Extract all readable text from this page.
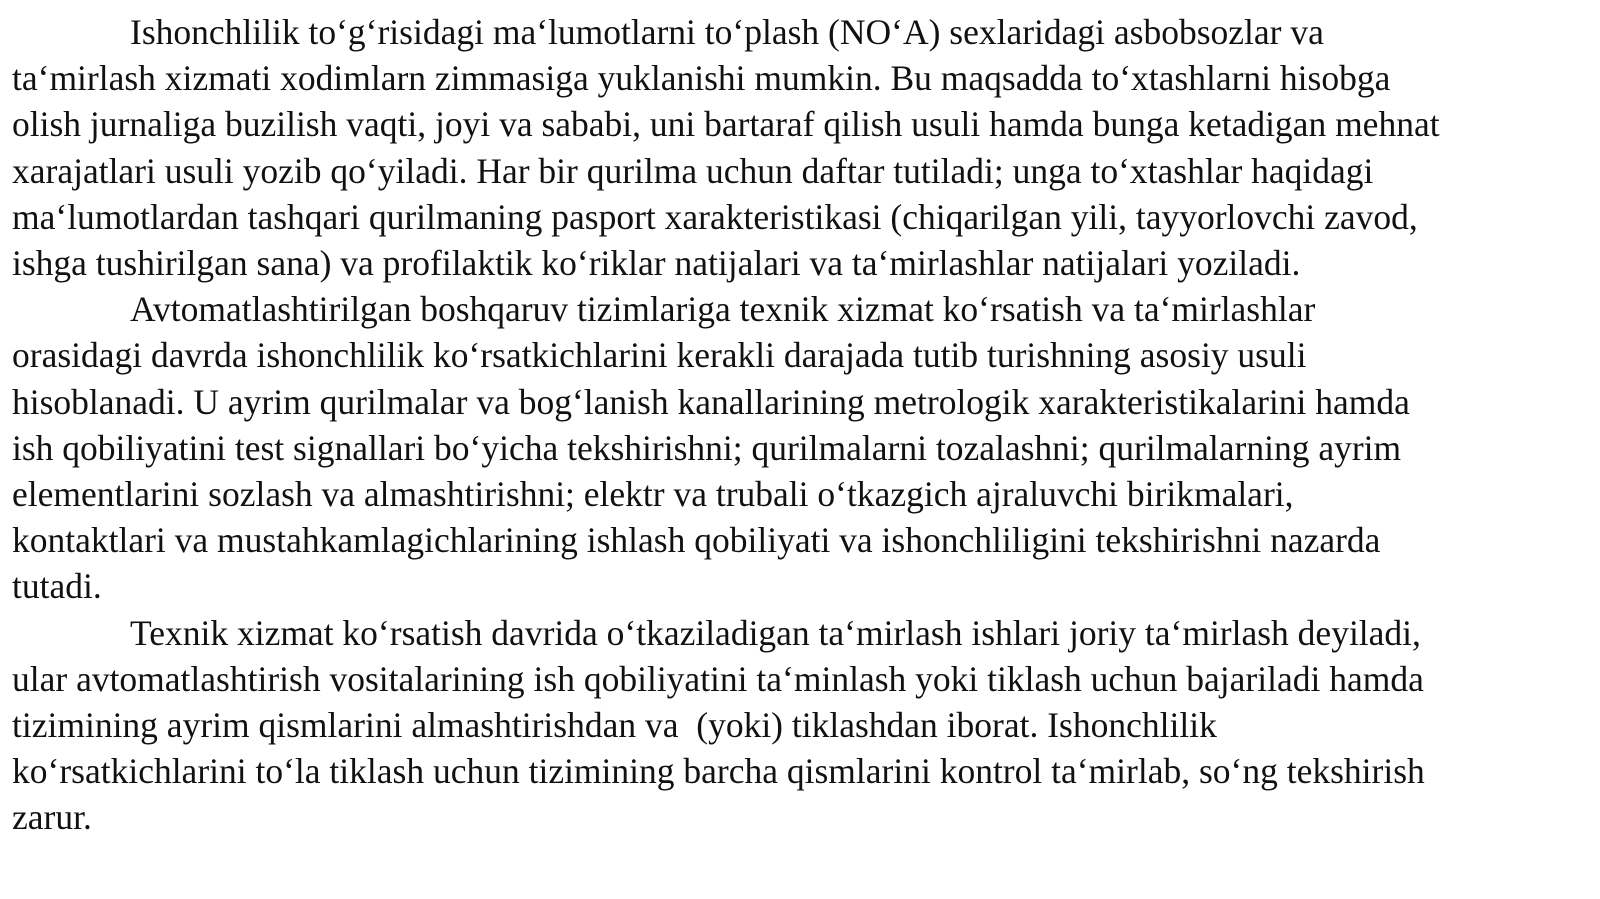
Ishonchlilik to‘g‘risidagi ma‘lumotlarni to‘plash (NO‘A) sexlaridagi asbobsozlar va
ta‘mirlash xizmati xodimlarn zimmasiga yuklanishi mumkin. Bu maqsadda to‘xtashlarni hisobga
olish jurnaliga buzilish vaqti, joyi va sababi, uni bartaraf qilish usuli hamda bunga ketadigan mehnat
xarajatlari usuli yozib qo‘yiladi. Har bir qurilma uchun daftar tutiladi; unga to‘xtashlar haqidagi
ma‘lumotlardan tashqari qurilmaning pasport xarakteristikasi (chiqarilgan yili, tayyorlovchi zavod,
ishga tushirilgan sana) va profilaktik ko‘riklar natijalari va ta‘mirlashlar natijalari yoziladi.

Avtomatlashtirilgan boshqaruv tizimlariga texnik xizmat ko‘rsatish va ta‘mirlashlar
orasidagi davrda ishonchlilik ko‘rsatkichlarini kerakli darajada tutib turishning asosiy usuli
hisoblanadi. U ayrim qurilmalar va bog‘lanish kanallarining metrologik xarakteristikalarini hamda
ish qobiliyatini test signallari bo‘yicha tekshirishni; qurilmalarni tozalashni; qurilmalarning ayrim
elementlarini sozlash va almashtirishni; elektr va trubali o‘tkazgich ajraluvchi birikmalari,
kontaktlari va mustahkamlagichlarining ishlash qobiliyati va ishonchliligini tekshirishni nazarda
tutadi.

Texnik xizmat ko‘rsatish davrida o‘tkaziladigan ta‘mirlash ishlari joriy ta‘mirlash deyiladi,
ular avtomatlashtirish vositalarining ish qobiliyatini ta‘minlash yoki tiklash uchun bajariladi hamda
tizimining ayrim qismlarini almashtirishdan va  (yoki) tiklashdan iborat. Ishonchlilik
ko‘rsatkichlarini to‘la tiklash uchun tizimining barcha qismlarini kontrol ta‘mirlab, so‘ng tekshirish
zarur.
